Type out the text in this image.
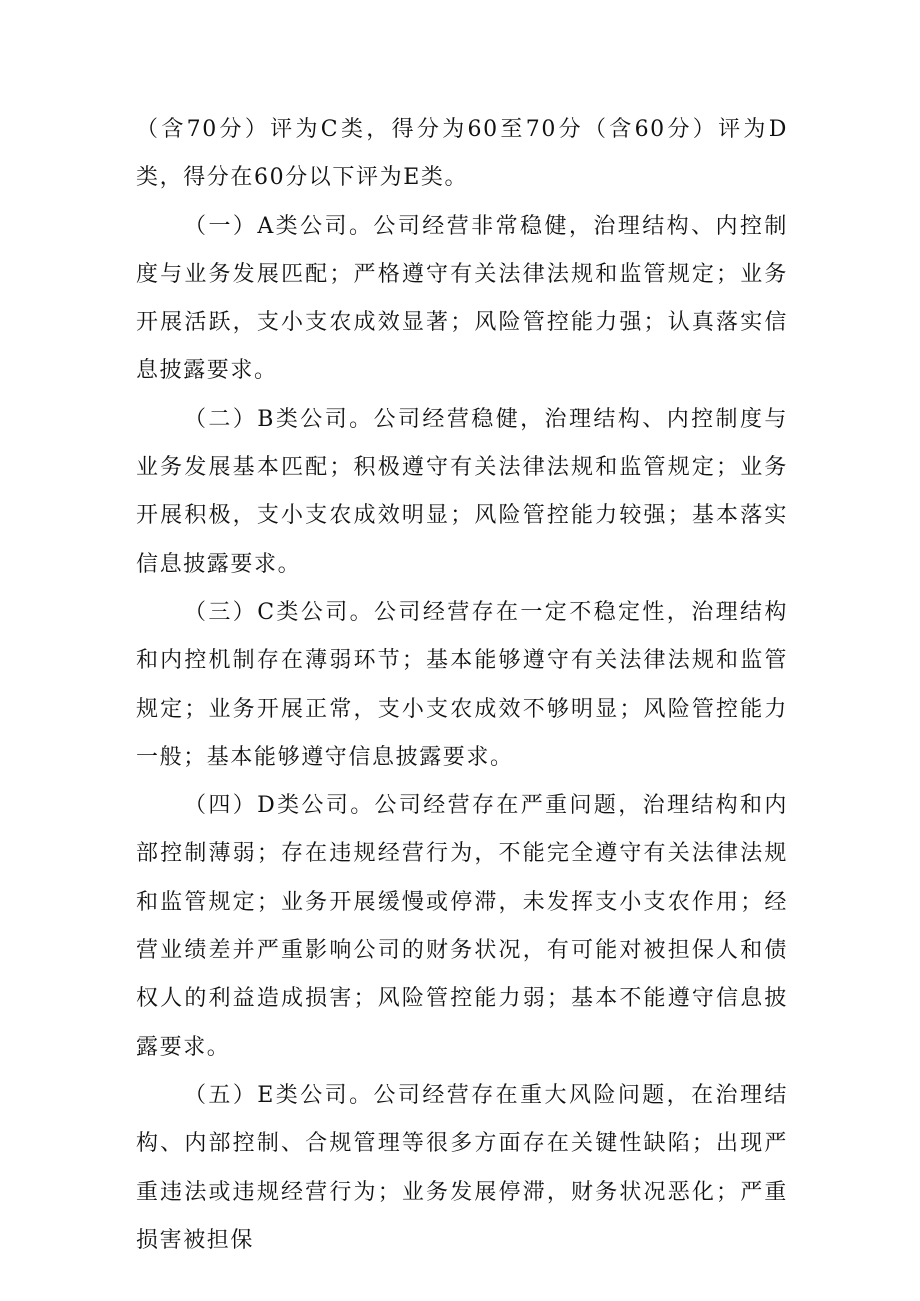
（含70分）评为C类，得分为60至70分（含60分）评为D类，得分在60分以下评为E类。

（一）A类公司。公司经营非常稳健，治理结构、内控制度与业务发展匹配；严格遵守有关法律法规和监管规定；业务开展活跃，支小支农成效显著；风险管控能力强；认真落实信息披露要求。

（二）B类公司。公司经营稳健，治理结构、内控制度与业务发展基本匹配；积极遵守有关法律法规和监管规定；业务开展积极，支小支农成效明显；风险管控能力较强；基本落实信息披露要求。

（三）C类公司。公司经营存在一定不稳定性，治理结构和内控机制存在薄弱环节；基本能够遵守有关法律法规和监管规定；业务开展正常，支小支农成效不够明显；风险管控能力一般；基本能够遵守信息披露要求。

（四）D类公司。公司经营存在严重问题，治理结构和内部控制薄弱；存在违规经营行为，不能完全遵守有关法律法规和监管规定；业务开展缓慢或停滞，未发挥支小支农作用；经营业绩差并严重影响公司的财务状况，有可能对被担保人和债权人的利益造成损害；风险管控能力弱；基本不能遵守信息披露要求。

（五）E类公司。公司经营存在重大风险问题，在治理结构、内部控制、合规管理等很多方面存在关键性缺陷；出现严重违法或违规经营行为；业务发展停滞，财务状况恶化；严重损害被担保
